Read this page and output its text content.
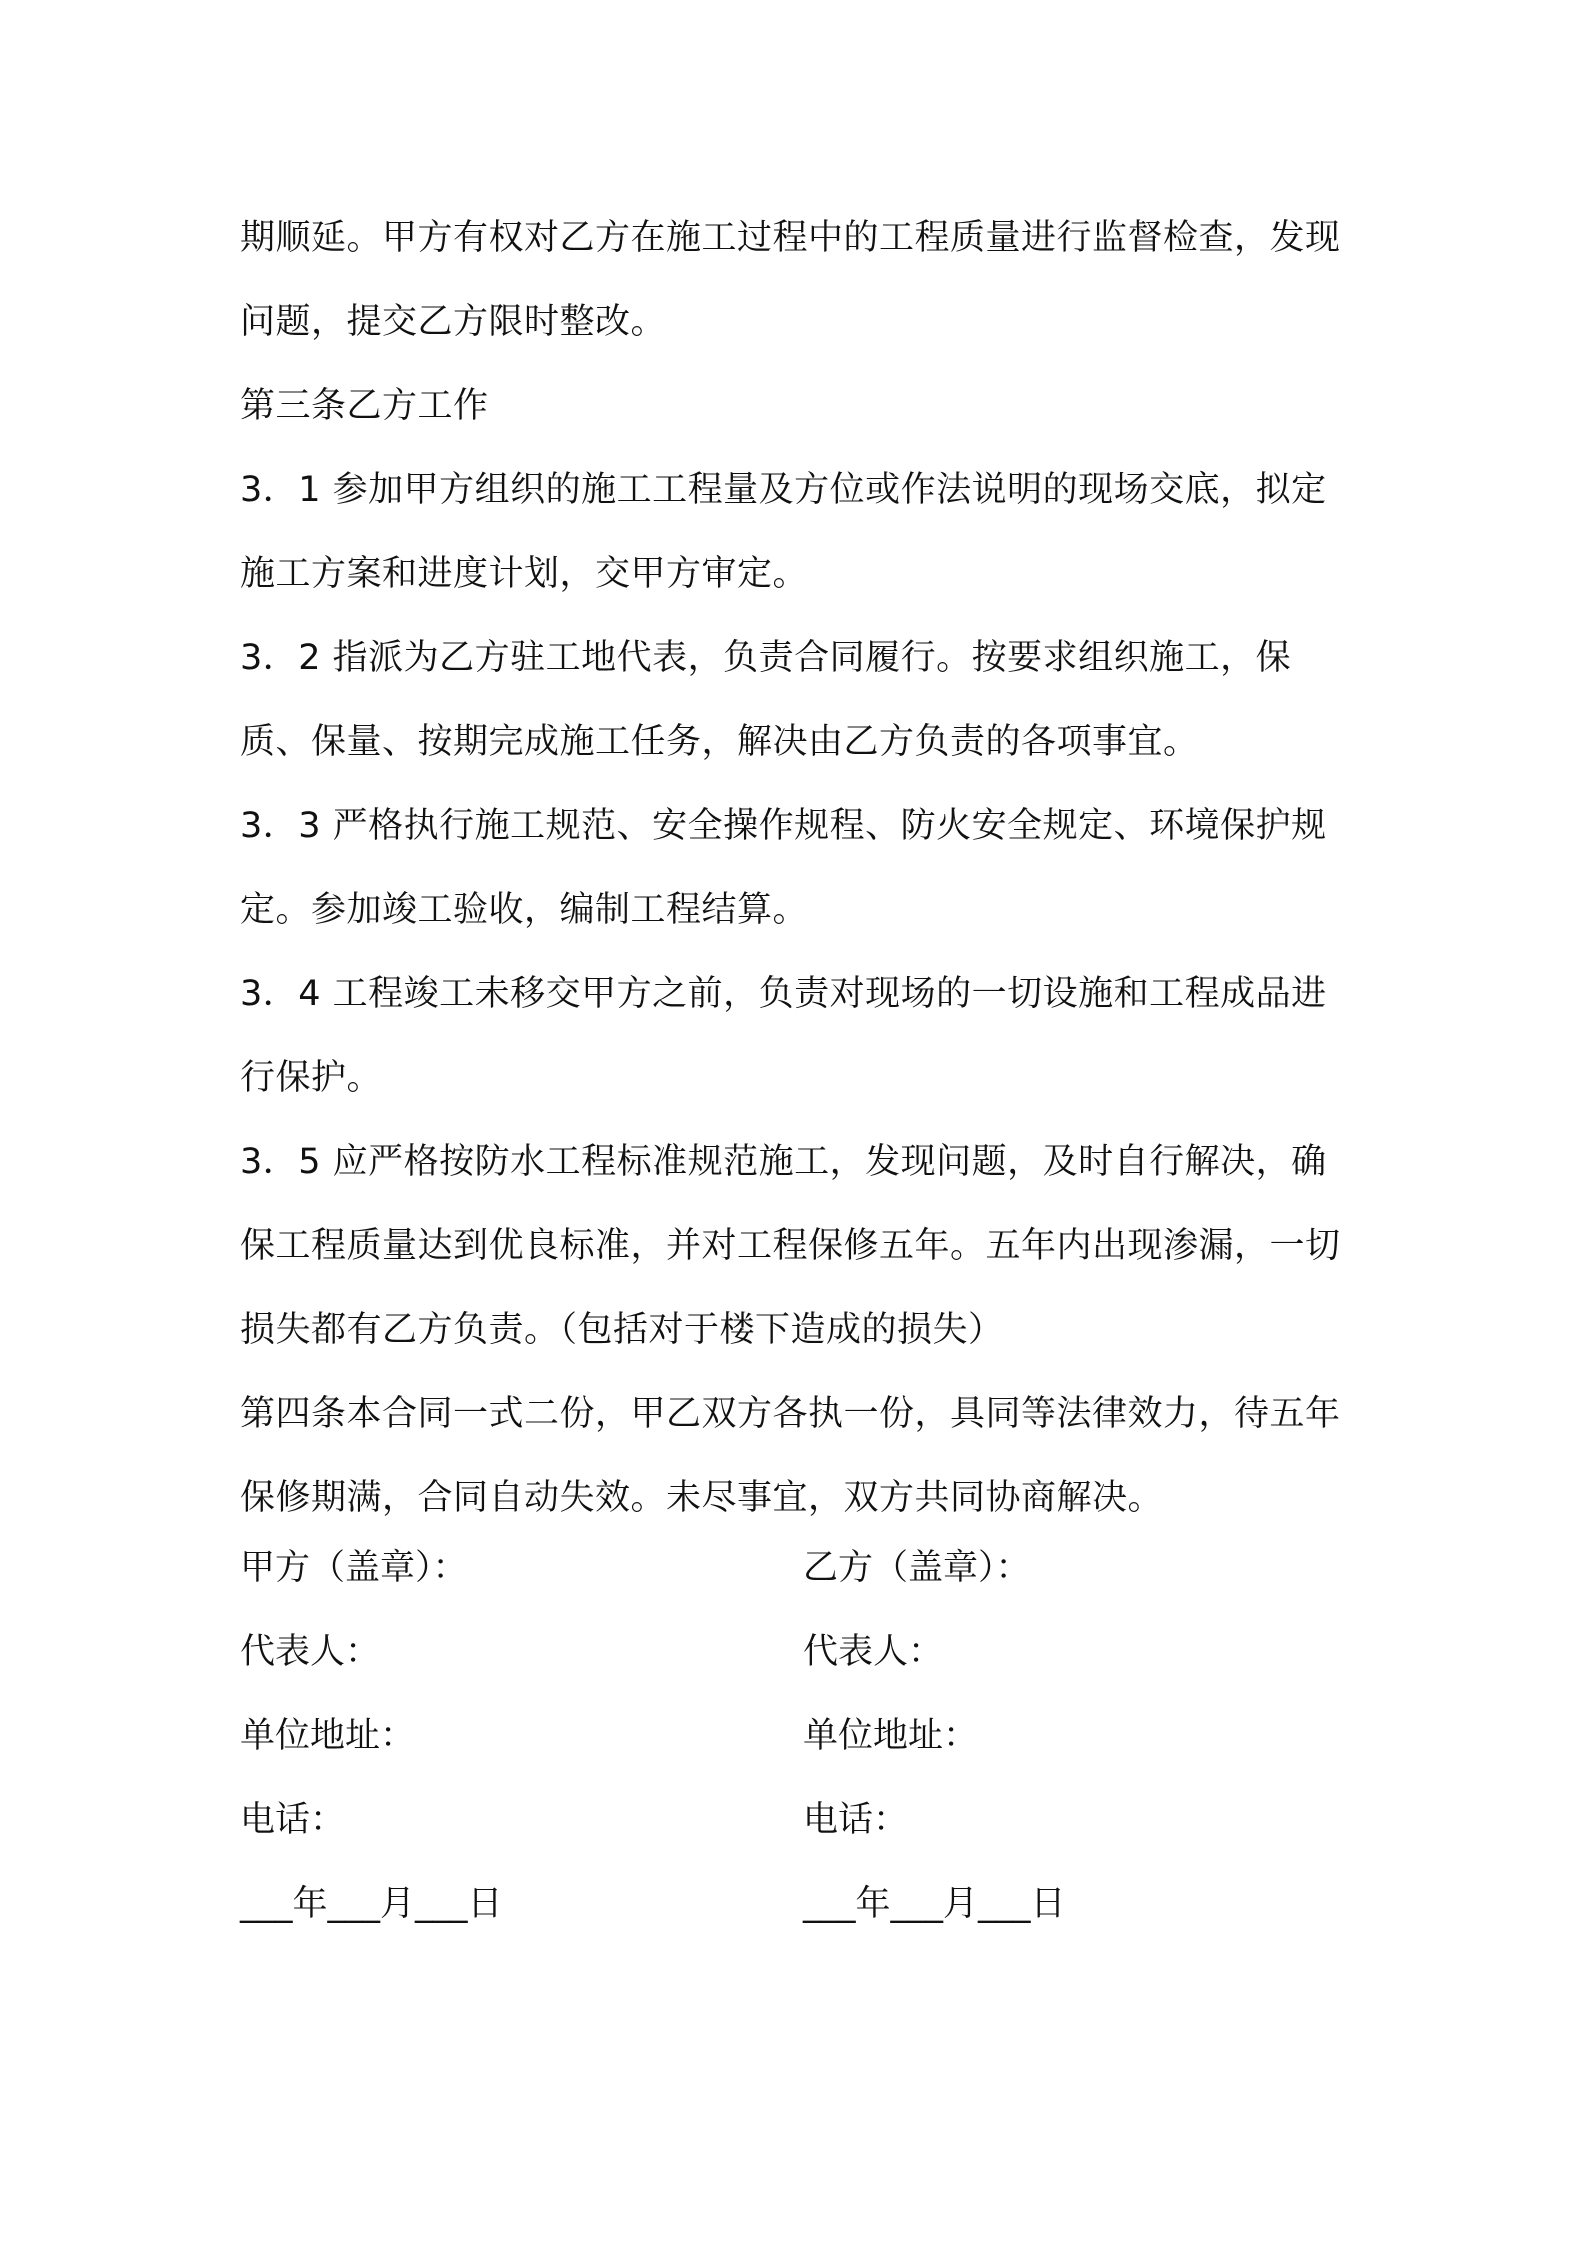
期顺延。甲方有权对乙方在施工过程中的工程质量进行监督检查，发现问题，提交乙方限时整改。

第三条乙方工作

3．1 参加甲方组织的施工工程量及方位或作法说明的现场交底，拟定施工方案和进度计划，交甲方审定。

3．2 指派为乙方驻工地代表，负责合同履行。按要求组织施工，保质、保量、按期完成施工任务，解决由乙方负责的各项事宜。

3．3 严格执行施工规范、安全操作规程、防火安全规定、环境保护规定。参加竣工验收，编制工程结算。

3．4 工程竣工未移交甲方之前，负责对现场的一切设施和工程成品进行保护。

3．5 应严格按防水工程标准规范施工，发现问题，及时自行解决，确保工程质量达到优良标准，并对工程保修五年。五年内出现渗漏，一切损失都有乙方负责。（包括对于楼下造成的损失）

第四条本合同一式二份，甲乙双方各执一份，具同等法律效力，待五年保修期满，合同自动失效。未尽事宜，双方共同协商解决。

甲方（盖章）：	乙方（盖章）：
代表人：	代表人：
单位地址：	单位地址：
电话：	电话：
___年___月___日	___年___月___日
